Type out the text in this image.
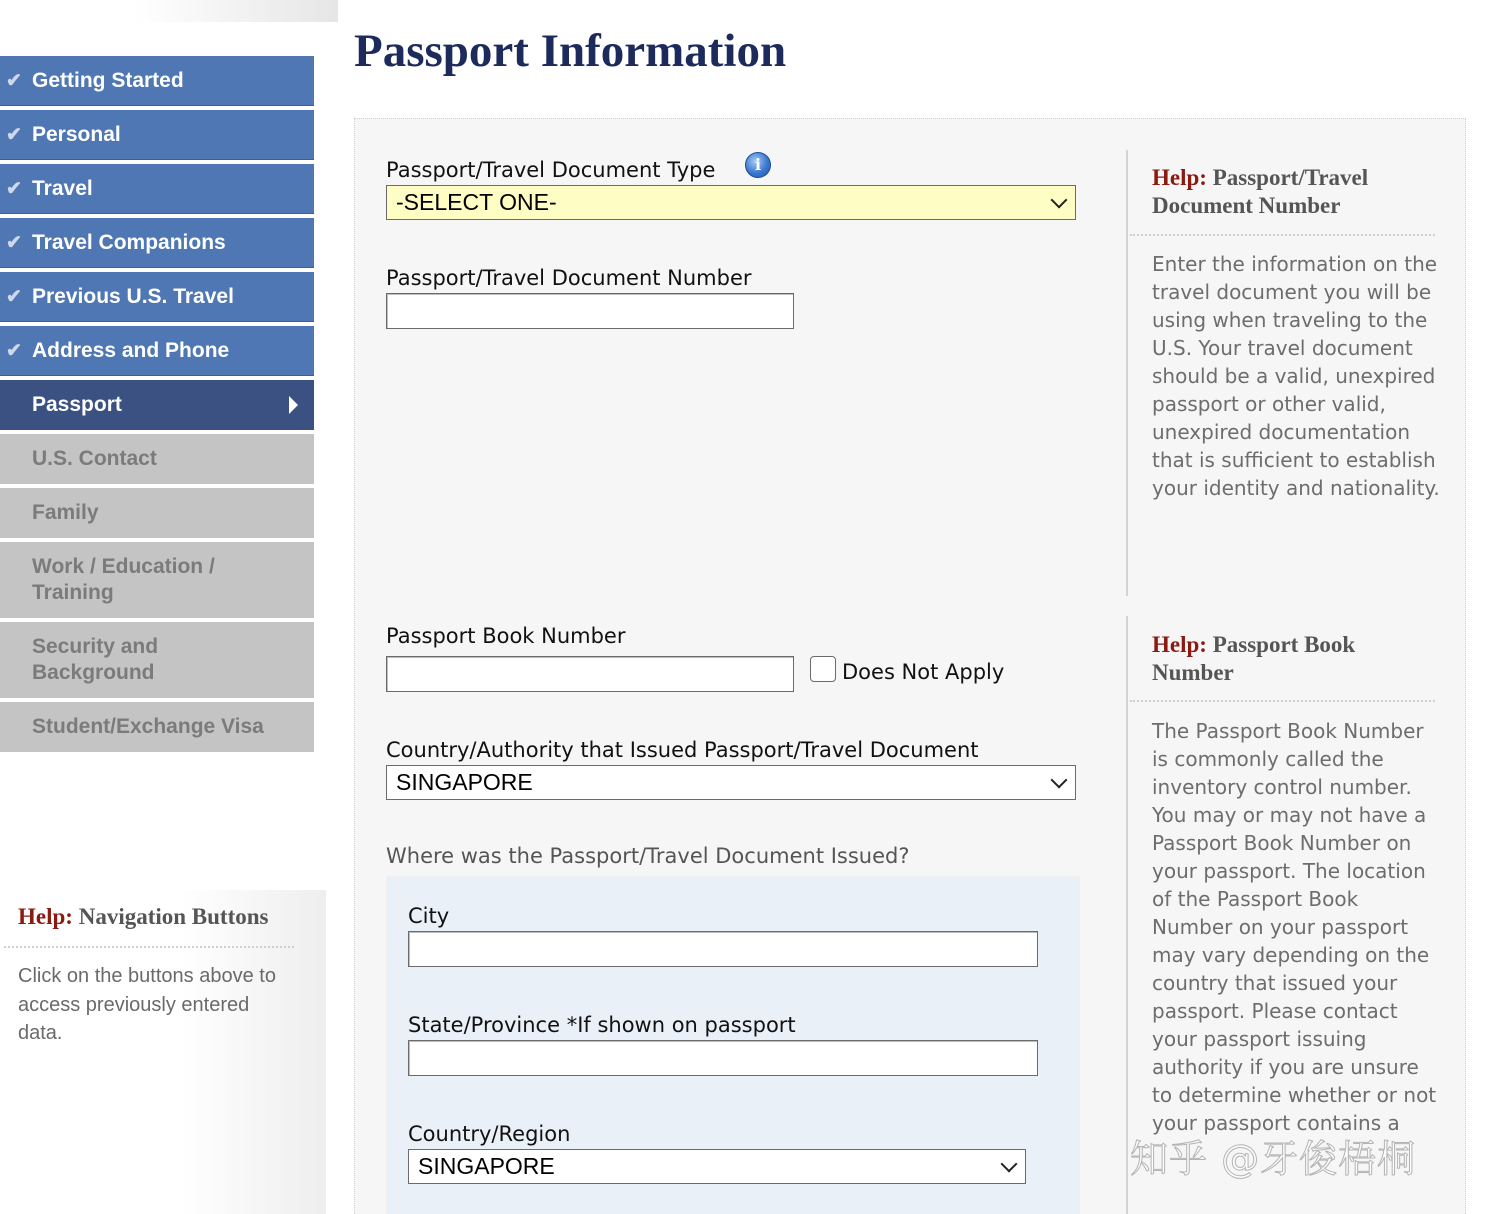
✔ Getting Started
✔ Personal
✔ Travel
✔ Travel Companions
✔ Previous U.S. Travel
✔ Address and Phone
Passport
U.S. Contact
Family
Work / Education / Training
Security and Background
Student/Exchange Visa
Help: Navigation Buttons
Click on the buttons above to access previously entered data.
Passport Information
Passport/Travel Document Type	i
-SELECT ONE-
Passport/Travel Document Number
Help: Passport/Travel Document Number
Enter the information on the travel document you will be using when traveling to the U.S. Your travel document should be a valid, unexpired passport or other valid, unexpired documentation that is sufficient to establish your identity and nationality.
Passport Book Number
Does Not Apply
Help: Passport Book Number
The Passport Book Number is commonly called the inventory control number. You may or may not have a Passport Book Number on your passport. The location of the Passport Book Number on your passport may vary depending on the country that issued your passport. Please contact your passport issuing authority if you are unsure to determine whether or not your passport contains a
Country/Authority that Issued Passport/Travel Document
SINGAPORE
Where was the Passport/Travel Document Issued?
City
State/Province *If shown on passport
Country/Region
SINGAPORE	知乎 @牙俊梧桐
